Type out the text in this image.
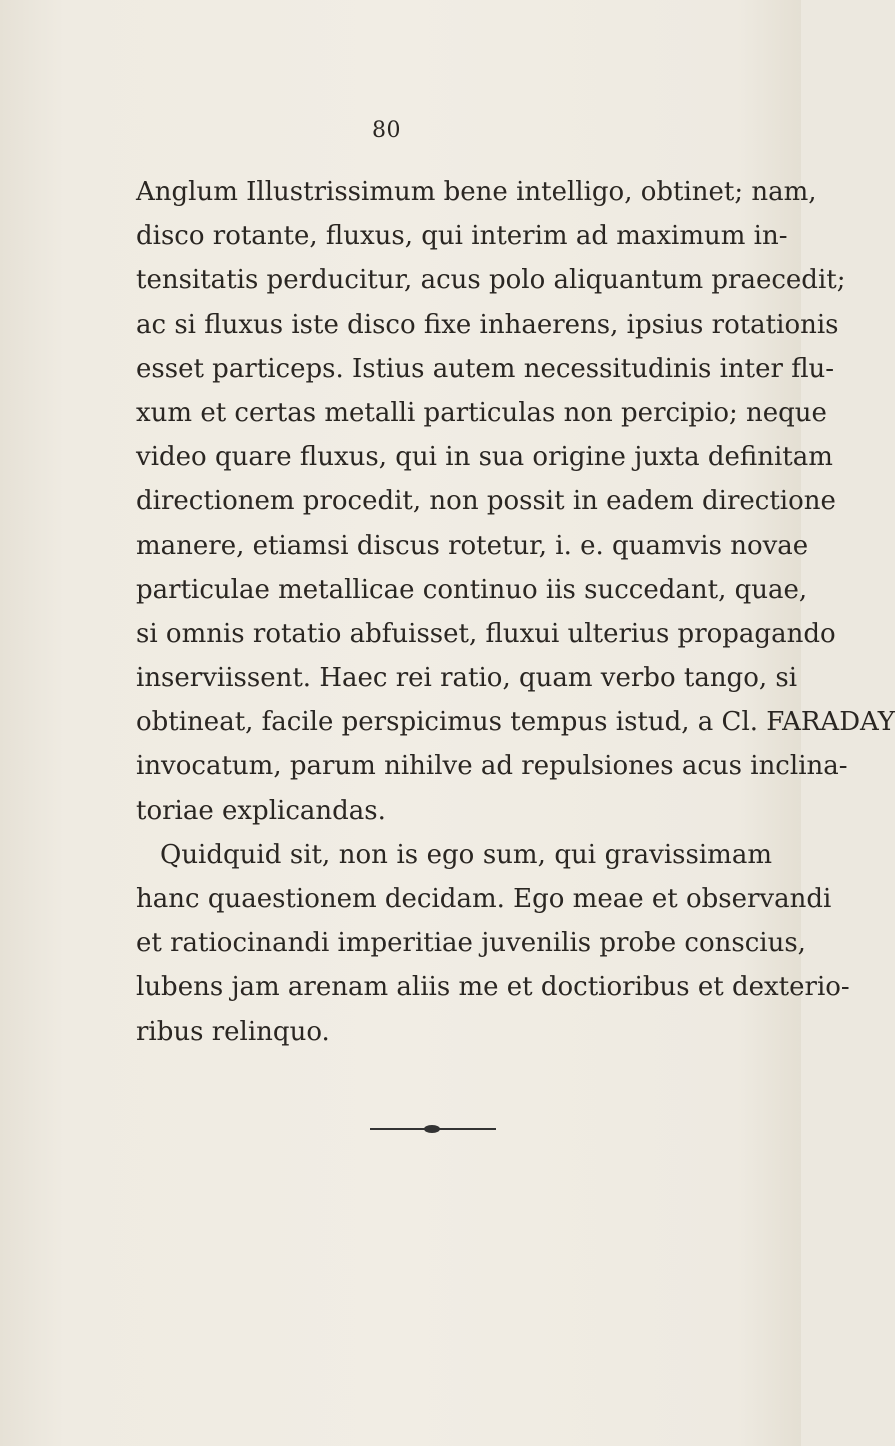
80
Anglum Illustrissimum bene intelligo, obtinet; nam,
disco rotante, fluxus, qui interim ad maximum in-
tensitatis perducitur, acus polo aliquantum praecedit;
ac si fluxus iste disco fixe inhaerens, ipsius rotationis
esset particeps. Istius autem necessitudinis inter flu-
xum et certas metalli particulas non percipio; neque
video quare fluxus, qui in sua origine juxta definitam
directionem procedit, non possit in eadem directione
manere, etiamsi discus rotetur, i. e. quamvis novae
particulae metallicae continuo iis succedant, quae,
si omnis rotatio abfuisset, fluxui ulterius propagando
inserviissent. Haec rei ratio, quam verbo tango, si
obtineat, facile perspicimus tempus istud, a Cl. FARADAY
invocatum, parum nihilve ad repulsiones acus inclina-
toriae explicandas.
Quidquid sit, non is ego sum, qui gravissimam
hanc quaestionem decidam. Ego meae et observandi
et ratiocinandi imperitiae juvenilis probe conscius,
lubens jam arenam aliis me et doctioribus et dexterio-
ribus relinquo.
